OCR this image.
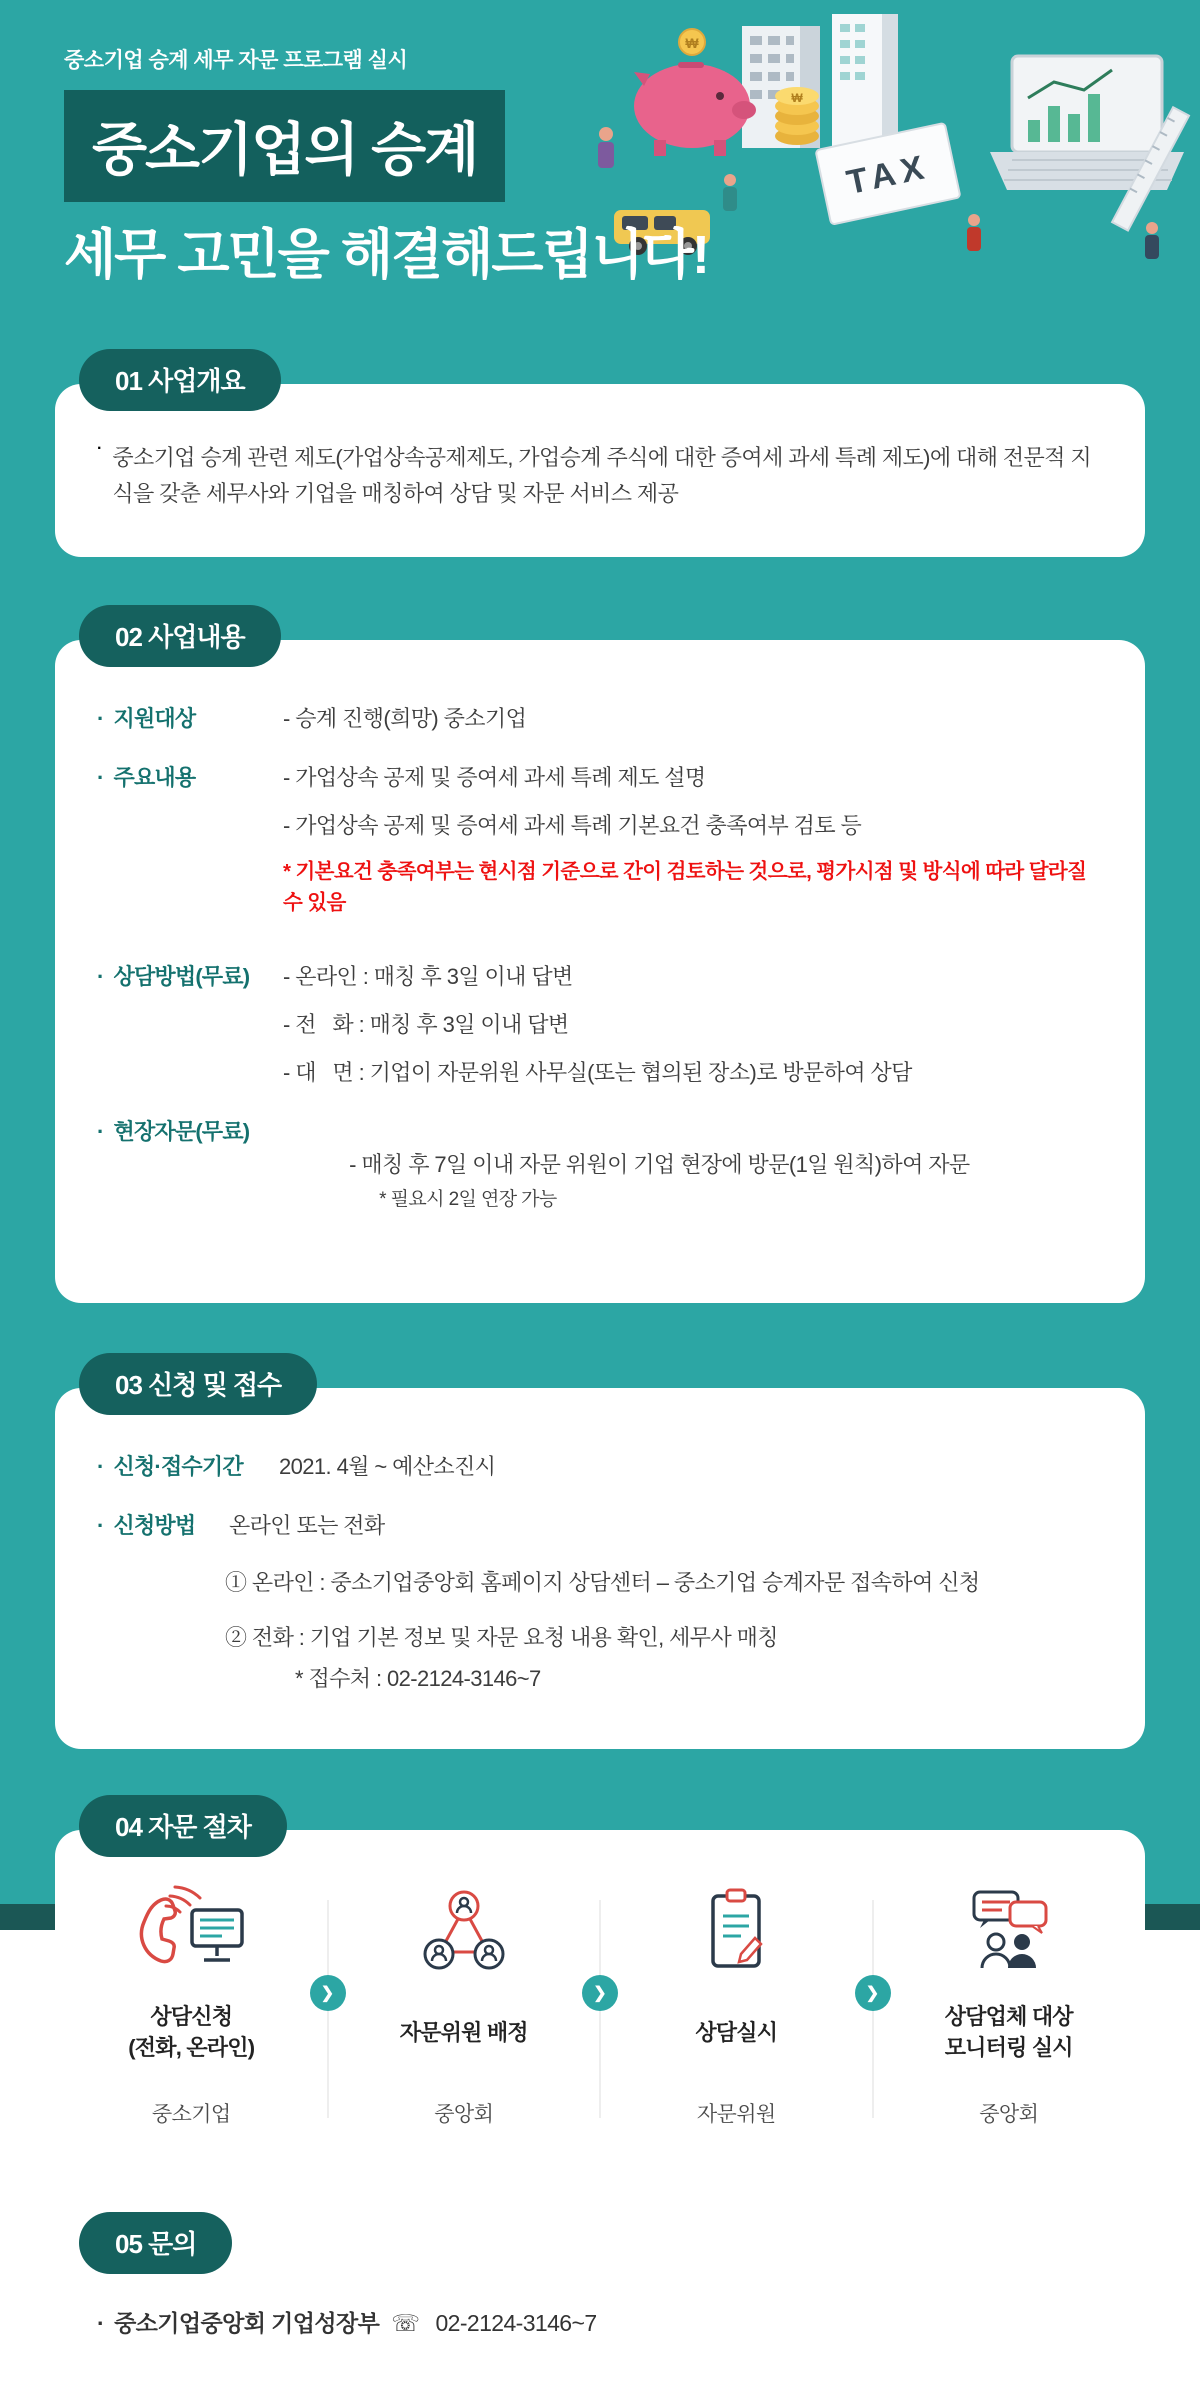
중소기업 승계 세무 자문 프로그램 실시
중소기업의 승계
세무 고민을 해결해드립니다!
TAX
₩
₩
01 사업개요
· 중소기업 승계 관련 제도(가업상속공제제도, 가업승계 주식에 대한 증여세 과세 특례 제도)에 대해 전문적 지식을 갖춘 세무사와 기업을 매칭하여 상담 및 자문 서비스 제공

02 사업내용
· 지원대상	- 승계 진행(희망) 중소기업
· 주요내용	- 가업상속 공제 및 증여세 과세 특례 제도 설명
- 가업상속 공제 및 증여세 과세 특례 기본요건 충족여부 검토 등
* 기본요건 충족여부는 현시점 기준으로 간이 검토하는 것으로, 평가시점 및 방식에 따라 달라질 수 있음
· 상담방법(무료) - 온라인 : 매칭 후 3일 이내 답변
- 전   화 : 매칭 후 3일 이내 답변
- 대   면 : 기업이 자문위원 사무실(또는 협의된 장소)로 방문하여 상담
· 현장자문(무료)

- 매칭 후 7일 이내 자문 위원이 기업 현장에 방문(1일 원칙)하여 자문
* 필요시 2일 연장 가능

03 신청 및 접수
· 신청·접수기간 2021. 4월 ~ 예산소진시
· 신청방법 온라인 또는 전화
① 온라인 : 중소기업중앙회 홈페이지 상담센터 – 중소기업 승계자문 접속하여 신청
② 전화 : 기업 기본 정보 및 자문 요청 내용 확인, 세무사 매칭
* 접수처 : 02-2124-3146~7
04 자문 절차
❯	❯	❯
상담신청
(전화, 온라인)
중소기업
자문위원 배정
중앙회
상담실시
자문위원
상담업체 대상
모니터링 실시
중앙회
05 문의
· 중소기업중앙회 기업성장부 ☏ 02-2124-3146~7
